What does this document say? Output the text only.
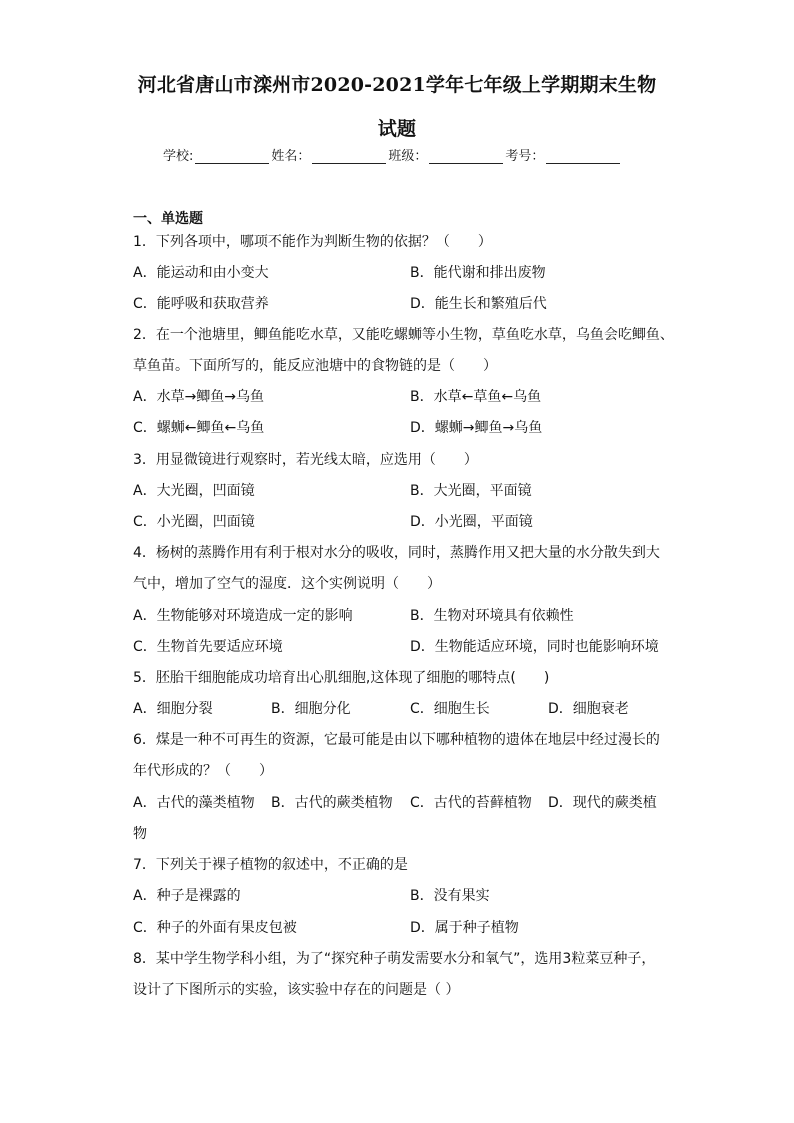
河北省唐山市滦州市2020-2021学年七年级上学期期末生物
试题
学校:	姓名：	班级：	考号：
一、单选题
1．下列各项中，哪项不能作为判断生物的依据？（　　）
A．能运动和由小变大	B．能代谢和排出废物
C．能呼吸和获取营养	D．能生长和繁殖后代
2．在一个池塘里，鲫鱼能吃水草，又能吃螺蛳等小生物，草鱼吃水草，乌鱼会吃鲫鱼、
草鱼苗。下面所写的，能反应池塘中的食物链的是（　　）
A．水草→鲫鱼→乌鱼	B．水草←草鱼←乌鱼
C．螺蛳←鲫鱼←乌鱼	D．螺蛳→鲫鱼→乌鱼
3．用显微镜进行观察时，若光线太暗，应选用（　　）
A．大光圈，凹面镜	B．大光圈，平面镜
C．小光圈，凹面镜	D．小光圈，平面镜
4．杨树的蒸腾作用有利于根对水分的吸收，同时，蒸腾作用又把大量的水分散失到大
气中，增加了空气的湿度．这个实例说明（　　）
A．生物能够对环境造成一定的影响	B．生物对环境具有依赖性
C．生物首先要适应环境	D．生物能适应环境，同时也能影响环境
5．胚胎干细胞能成功培育出心肌细胞,这体现了细胞的哪特点(　　)
A．细胞分裂	B．细胞分化	C．细胞生长	D．细胞衰老
6．煤是一种不可再生的资源，它最可能是由以下哪种植物的遗体在地层中经过漫长的
年代形成的？（　　）
A．古代的藻类植物 B．古代的蕨类植物 C．古代的苔藓植物 D．现代的蕨类植
物
7．下列关于裸子植物的叙述中，不正确的是
A．种子是裸露的	B．没有果实
C．种子的外面有果皮包被	D．属于种子植物
8．某中学生物学科小组，为了“探究种子萌发需要水分和氧气”，选用3粒菜豆种子，
设计了下图所示的实验，该实验中存在的问题是（ ）
